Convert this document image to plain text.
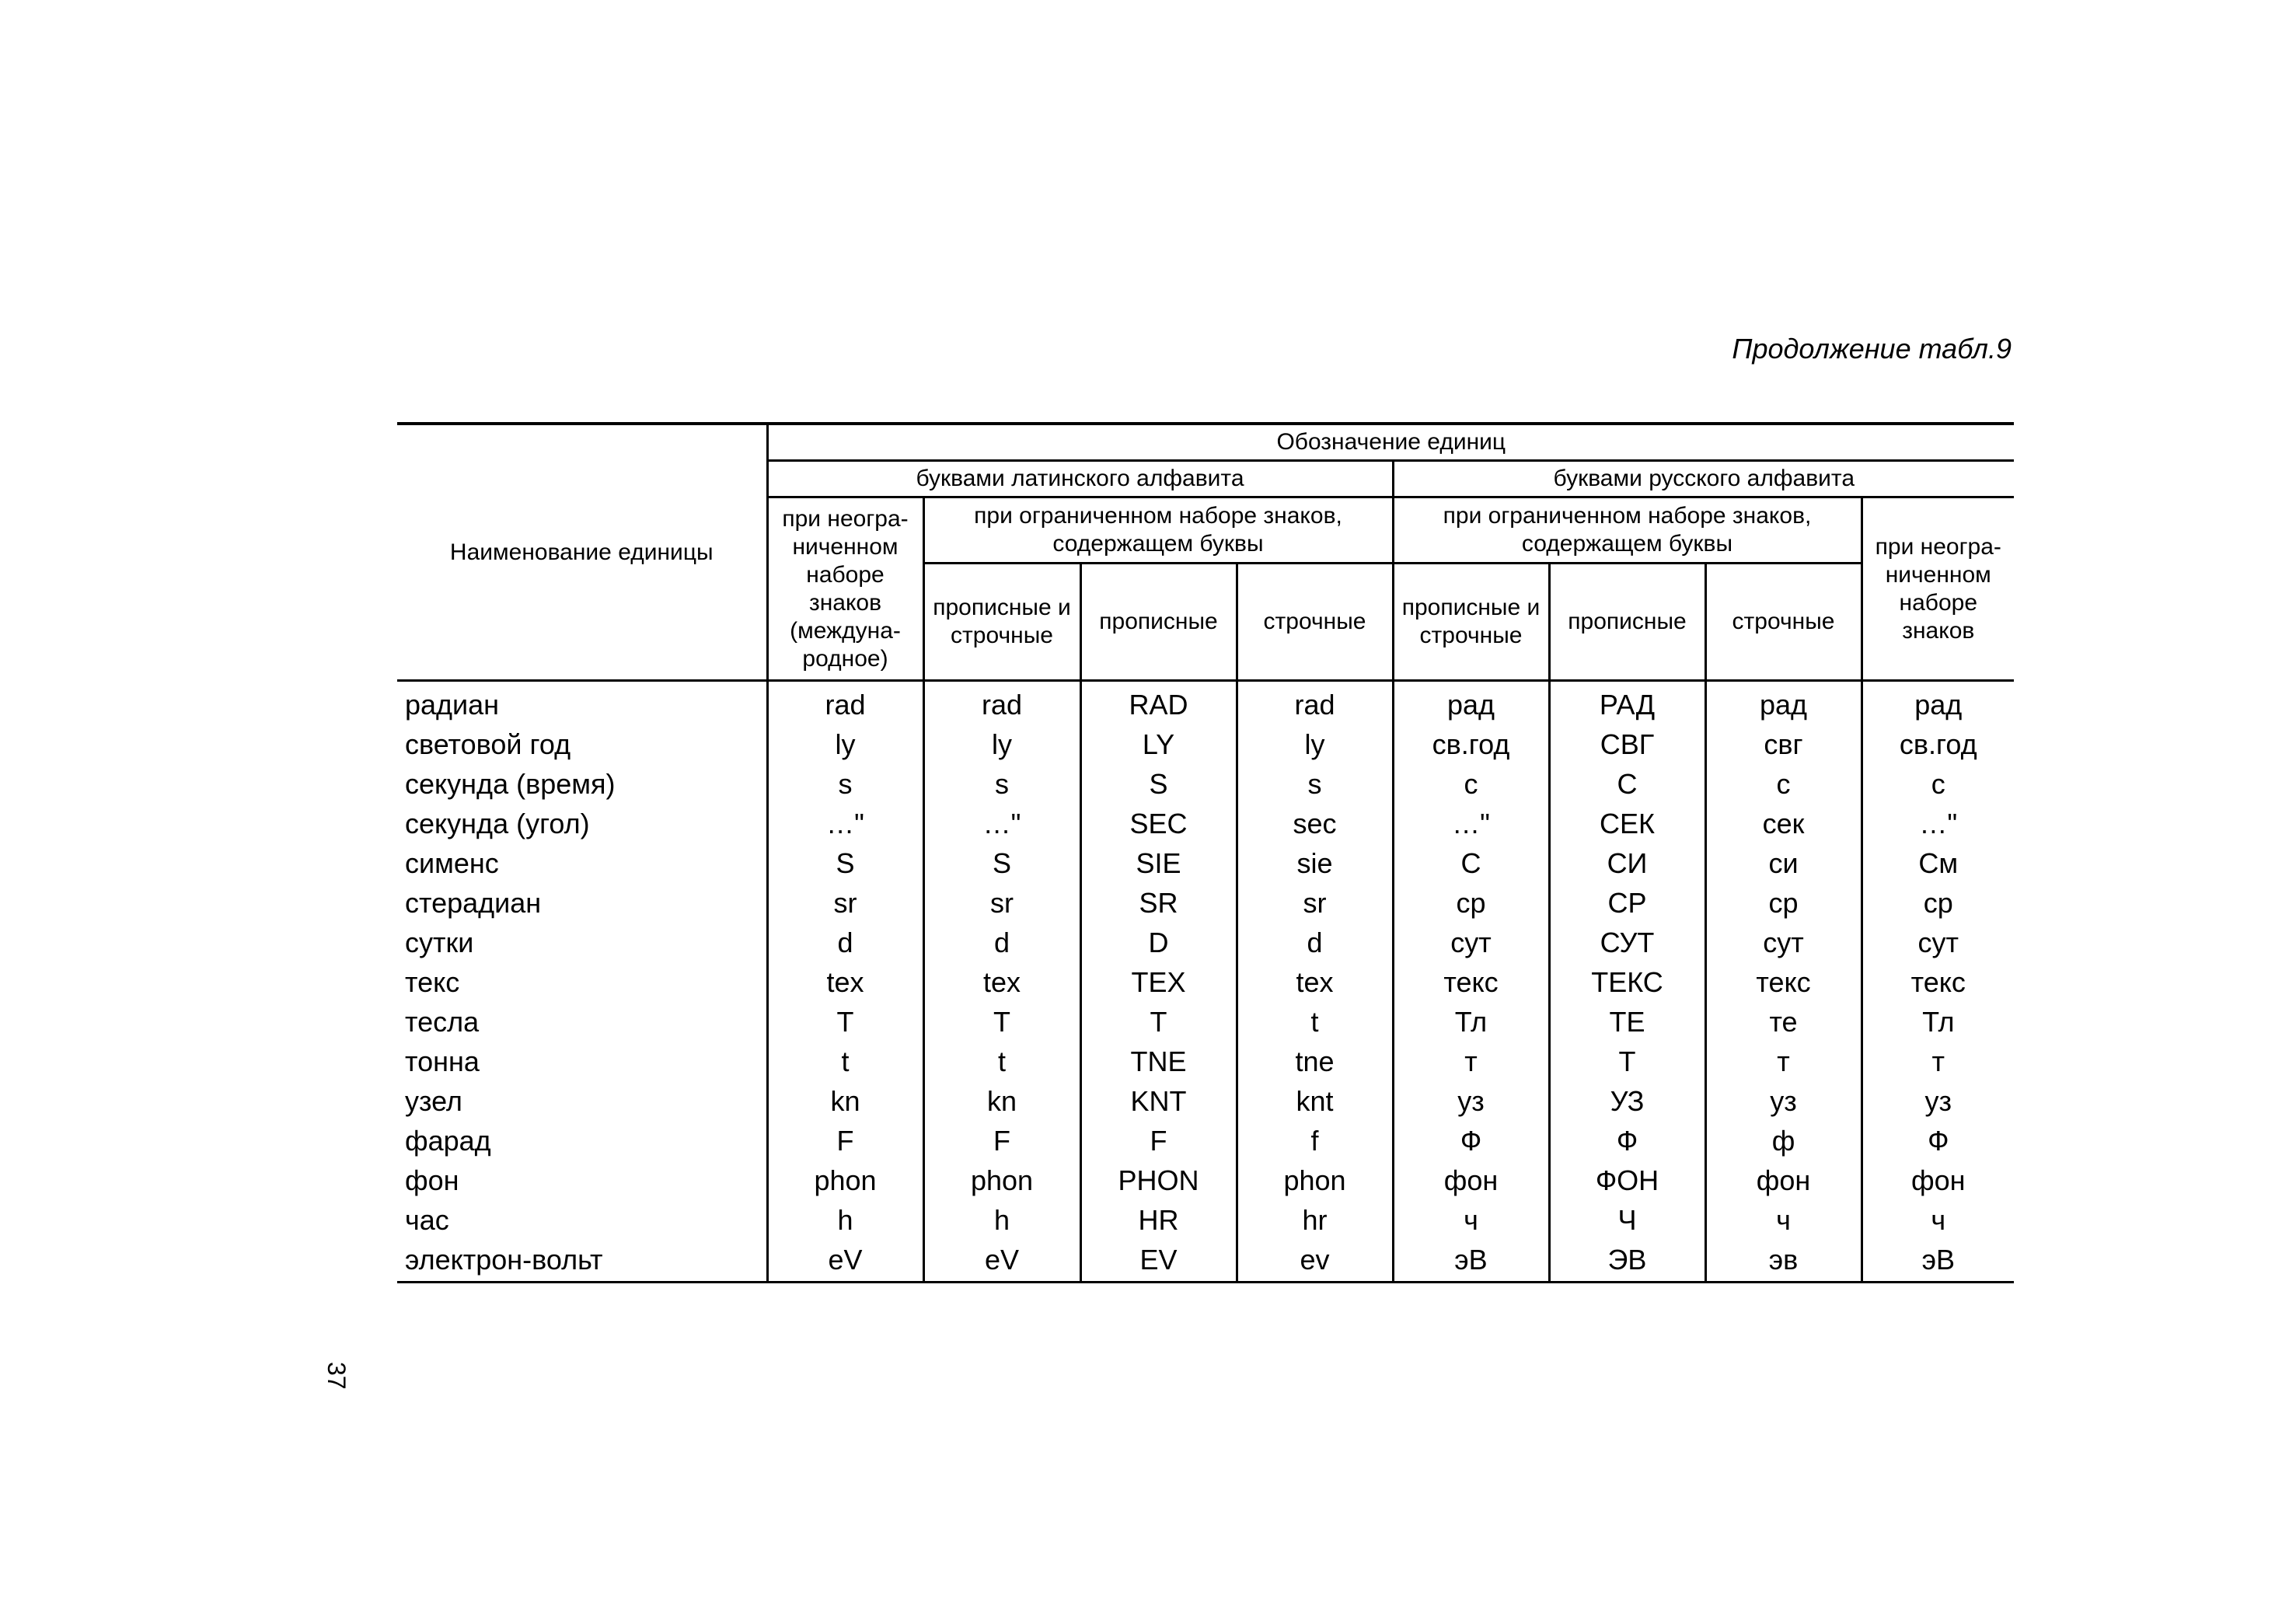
Продолжение табл.9
Наименование единицы	Обозначение единиц							
	буквами латинского алфавита				буквами русского алфавита			
	при неогра-ниченном наборе знаков (междуна-родное)	при ограниченном наборе знаков, содержащем буквы			при ограниченном наборе знаков, содержащем буквы			при неогра-ниченном наборе знаков
		прописные и строчные	прописные	строчные	прописные и строчные	прописные	строчные	

радиан	rad	rad	RAD	rad	рад	РАД	рад	рад
световой год	ly	ly	LY	ly	св.год	СВГ	свг	св.год
секунда (время)	s	s	S	s	с	С	с	с
секунда (угол)	…"	…"	SEC	sec	…"	СЕК	сек	…"
сименс	S	S	SIE	sie	С	СИ	си	См
стерадиан	sr	sr	SR	sr	ср	СР	ср	ср
сутки	d	d	D	d	сут	СУТ	сут	сут
текс	tex	tex	TEX	tex	текс	ТЕКС	текс	текс
тесла	T	T	T	t	Тл	ТЕ	те	Тл
тонна	t	t	TNE	tne	т	Т	т	т
узел	kn	kn	KNT	knt	уз	УЗ	уз	уз
фарад	F	F	F	f	Ф	Ф	ф	Ф
фон	phon	phon	PHON	phon	фон	ФОН	фон	фон
час	h	h	HR	hr	ч	Ч	ч	ч
электрон-вольт	eV	eV	EV	ev	эВ	ЭВ	эв	эВ
37
